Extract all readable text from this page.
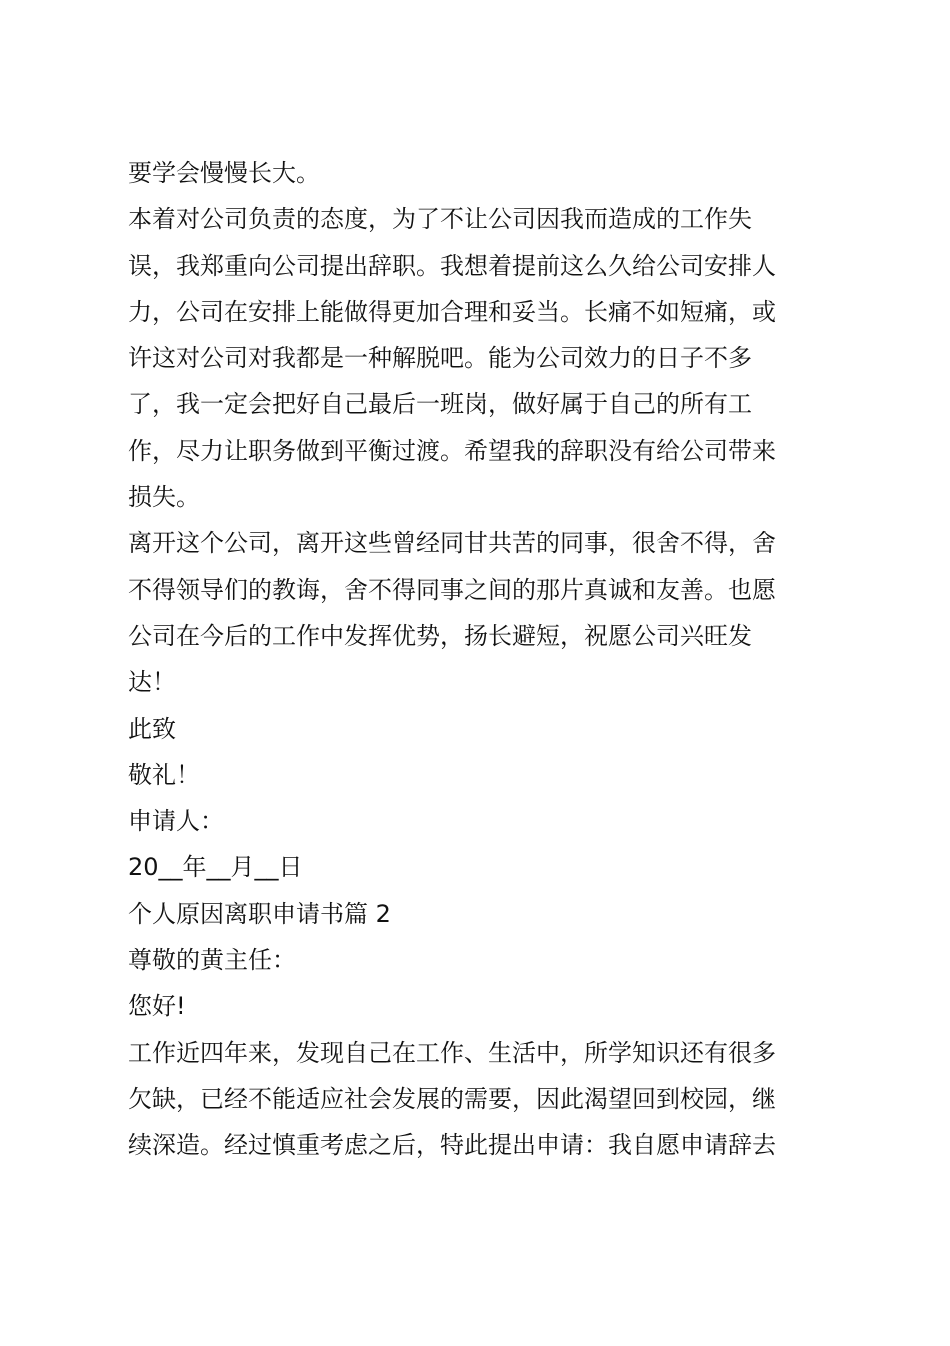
要学会慢慢长大。
本着对公司负责的态度，为了不让公司因我而造成的工作失
误，我郑重向公司提出辞职。我想着提前这么久给公司安排人
力，公司在安排上能做得更加合理和妥当。长痛不如短痛，或
许这对公司对我都是一种解脱吧。能为公司效力的日子不多
了，我一定会把好自己最后一班岗，做好属于自己的所有工
作，尽力让职务做到平衡过渡。希望我的辞职没有给公司带来
损失。
离开这个公司，离开这些曾经同甘共苦的同事，很舍不得，舍
不得领导们的教诲，舍不得同事之间的那片真诚和友善。也愿
公司在今后的工作中发挥优势，扬长避短，祝愿公司兴旺发
达！
此致
敬礼！
申请人：
20__年__月__日
个人原因离职申请书篇 2
尊敬的黄主任：
您好!
工作近四年来，发现自己在工作、生活中，所学知识还有很多
欠缺，已经不能适应社会发展的需要，因此渴望回到校园，继
续深造。经过慎重考虑之后，特此提出申请：我自愿申请辞去
